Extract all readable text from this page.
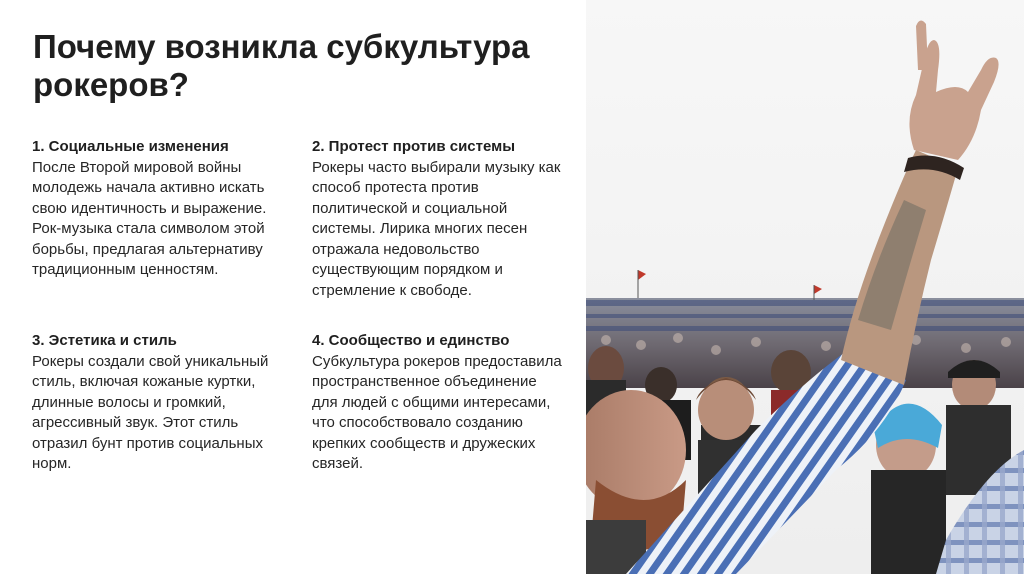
Почему возникла субкультура рокеров?
1. Социальные изменения

После Второй мировой войны молодежь начала активно искать свою идентичность и выражение. Рок-музыка стала символом этой борьбы, предлагая альтернативу традиционным ценностям.

2. Протест против системы

Рокеры часто выбирали музыку как способ протеста против политической и социальной системы. Лирика многих песен отражала недовольство существующим порядком и стремление к свободе.

3. Эстетика и стиль

Рокеры создали свой уникальный стиль, включая кожаные куртки, длинные волосы и громкий, агрессивный звук. Этот стиль отразил бунт против социальных норм.

4. Сообщество и единство

Субкультура рокеров предоставила пространственное объединение для людей с общими интересами, что способствовало созданию крепких сообществ и дружеских связей.
